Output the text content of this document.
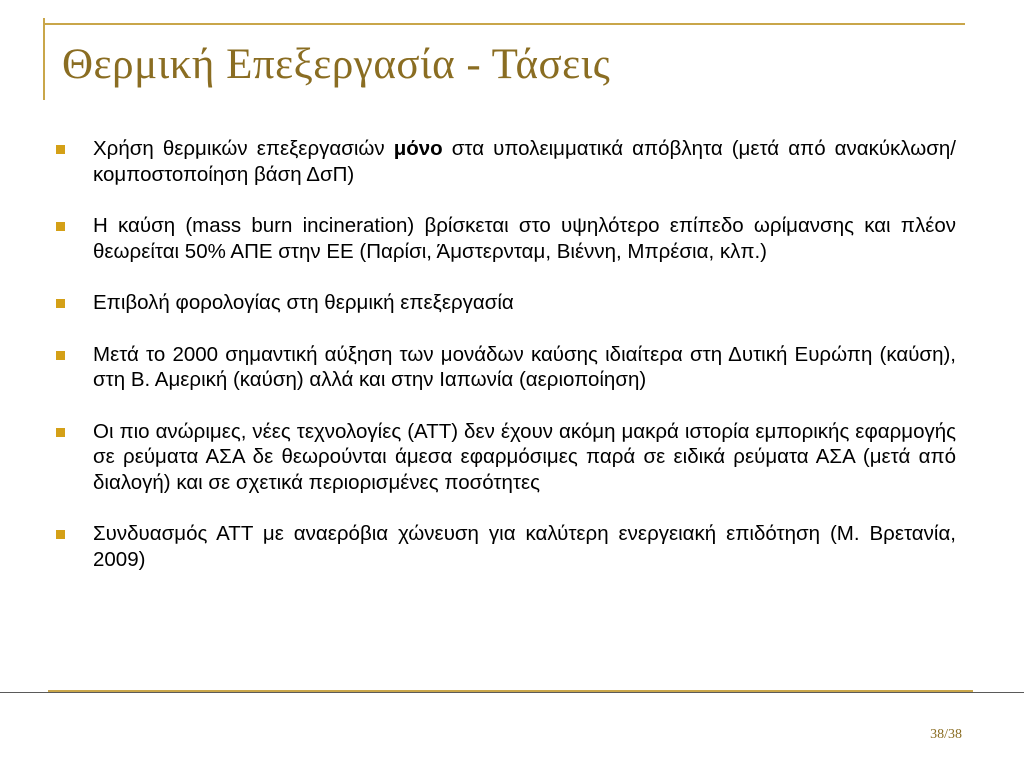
Θερμική Επεξεργασία - Τάσεις
Χρήση θερμικών επεξεργασιών μόνο στα υπολειμματικά απόβλητα (μετά από ανακύκλωση/κομποστοποίηση βάση ΔσΠ)
Η καύση (mass burn incineration) βρίσκεται στο υψηλότερο επίπεδο ωρίμανσης και πλέον θεωρείται 50% ΑΠΕ στην ΕΕ (Παρίσι, Άμστερνταμ, Βιέννη, Μπρέσια, κλπ.)
Επιβολή φορολογίας στη θερμική επεξεργασία
Μετά το 2000 σημαντική αύξηση των μονάδων καύσης ιδιαίτερα στη Δυτική Ευρώπη (καύση), στη Β. Αμερική (καύση) αλλά και στην Ιαπωνία (αεριοποίηση)
Οι πιο ανώριμες, νέες τεχνολογίες (ΑΤΤ) δεν έχουν ακόμη μακρά ιστορία εμπορικής εφαρμογής σε ρεύματα ΑΣΑ δε θεωρούνται άμεσα εφαρμόσιμες παρά σε ειδικά ρεύματα ΑΣΑ (μετά από διαλογή) και σε σχετικά περιορισμένες ποσότητες
Συνδυασμός ΑΤΤ με αναερόβια χώνευση για καλύτερη ενεργειακή επιδότηση (Μ. Βρετανία, 2009)
38/38
